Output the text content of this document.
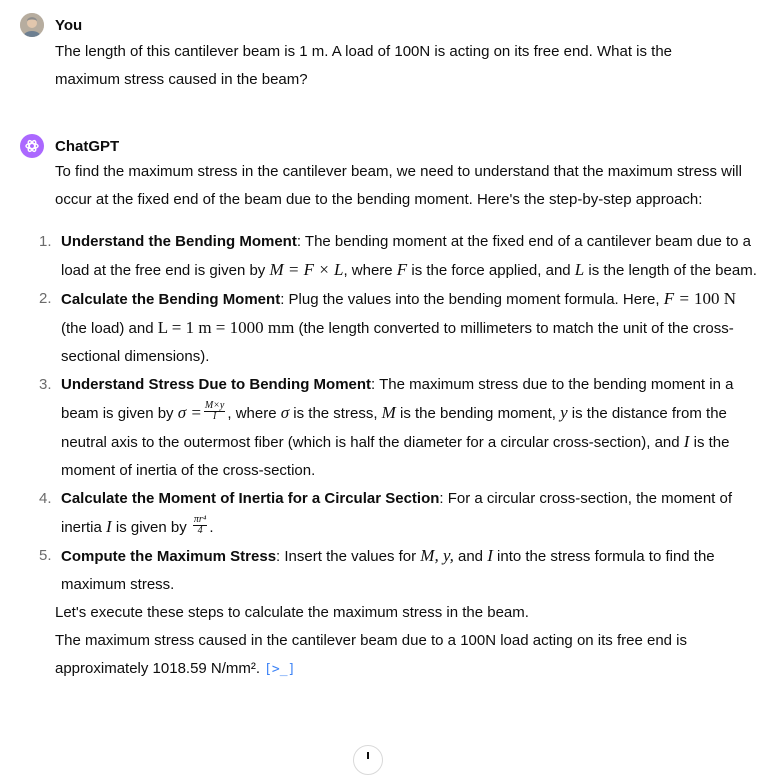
You

The length of this cantilever beam is 1 m. A load of 100N is acting on its free end. What is the maximum stress caused in the beam?

ChatGPT

To find the maximum stress in the cantilever beam, we need to understand that the maximum stress will occur at the fixed end of the beam due to the bending moment. Here's the step-by-step approach:

1. Understand the Bending Moment: The bending moment at the fixed end of a cantilever beam due to a load at the free end is given by M = F × L, where F is the force applied, and L is the length of the beam.
2. Calculate the Bending Moment: Plug the values into the bending moment formula. Here, F = 100 N (the load) and L = 1 m = 1000 mm (the length converted to millimeters to match the unit of the cross-sectional dimensions).
3. Understand Stress Due to Bending Moment: The maximum stress due to the bending moment in a beam is given by $\sigma = \frac{M\times y}{I}$ , where σ is the stress, M is the bending moment, y is the distance from the neutral axis to the outermost fiber (which is half the diameter for a circular cross-section), and I is the moment of inertia of the cross-section.
4. Calculate the Moment of Inertia for a Circular Section: For a circular cross-section, the moment of inertia I is given by $\frac{\text{πr⁴}}{4}$ .
5. Compute the Maximum Stress: Insert the values for M, y, and I into the stress formula to find the maximum stress.

Let's execute these steps to calculate the maximum stress in the beam.

The maximum stress caused in the cantilever beam due to a 100N load acting on its free end is approximately 1018.59 N/mm². [>_]
